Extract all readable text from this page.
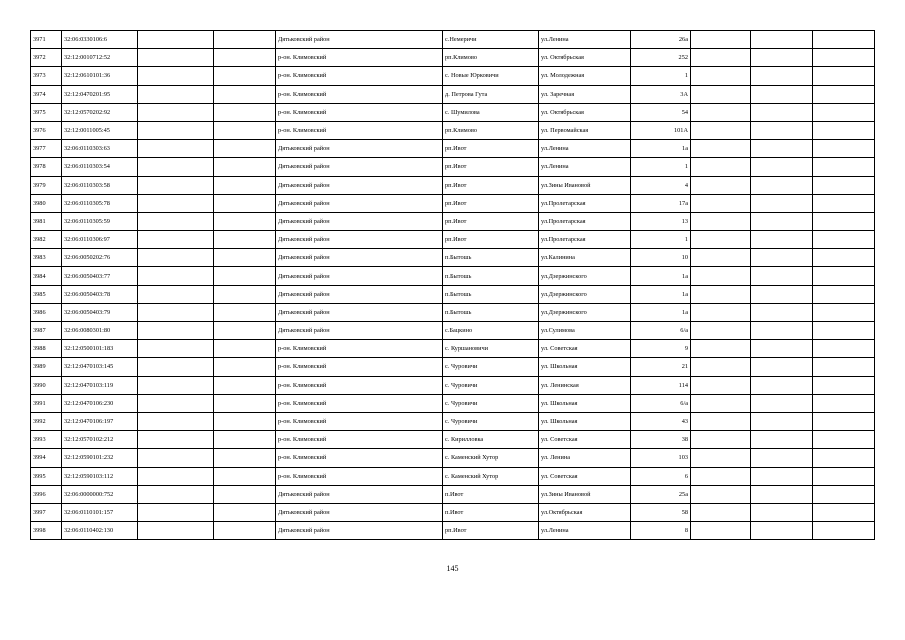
3971	32:06:0330106:6			Дятьковский район	с.Немеричи	ул.Ленина	26а			
3972	32:12:0010712:52			р-он. Климовский	рп.Климово	ул. Октябрьская	252			
3973	32:12:0610101:36			р-он. Климовский	с. Новые Юрковичи	ул. Молодежная	1			
3974	32:12:0470201:95			р-он. Климовский	д. Петрова Гута	ул. Заречная	3А			
3975	32:12:0570202:92			р-он. Климовский	с. Шумилова	ул. Октябрьская	54			
3976	32:12:0011005:45			р-он. Климовский	рп.Климово	ул. Первомайская	101А			
3977	32:06:0110303:63			Дятьковский район	рп.Ивот	ул.Ленина	1а			
3978	32:06:0110303:54			Дятьковский район	рп.Ивот	ул.Ленина	1			
3979	32:06:0110303:58			Дятьковский район	рп.Ивот	ул.Зины Ивановой	4			
3980	32:06:0110305:78			Дятьковский район	рп.Ивот	ул.Пролетарская	17а			
3981	32:06:0110305:59			Дятьковский район	рп.Ивот	ул.Пролетарская	13			
3982	32:06:0110306:97			Дятьковский район	рп.Ивот	ул.Пролетарская	1			
3983	32:06:0050202:76			Дятьковский район	п.Бытошь	ул.Калинина	10			
3984	32:06:0050403:77			Дятьковский район	п.Бытошь	ул.Дзержинского	1а			
3985	32:06:0050403:78			Дятьковский район	п.Бытошь	ул.Дзержинского	1а			
3986	32:06:0050403:79			Дятьковский район	п.Бытошь	ул.Дзержинского	1а			
3987	32:06:0080301:80			Дятьковский район	с.Бацкино	ул.Сулимова	6/а			
3988	32:12:0500101:183			р-он. Климовский	с. Куршановичи	ул. Советская	9			
3989	32:12:0470103:145			р-он. Климовский	с. Чуровичи	ул. Школьная	21			
3990	32:12:0470103:119			р-он. Климовский	с. Чуровичи	ул. Ленинская	114			
3991	32:12:0470106:230			р-он. Климовский	с. Чуровичи	ул. Школьная	6/а			
3992	32:12:0470106:197			р-он. Климовский	с. Чуровичи	ул. Школьная	43			
3993	32:12:0570102:212			р-он. Климовский	с. Кирилловка	ул. Советская	38			
3994	32:12:0590101:232			р-он. Климовский	с. Каменский Хутор	ул. Ленина	103			
3995	32:12:0590103:112			р-он. Климовский	с. Каменский Хутор	ул. Советская	6			
3996	32:06:0000000:752			Дятьковский район	п.Ивот	ул.Зины Ивановой	25а			
3997	32:06:0110101:157			Дятьковский район	п.Ивот	ул.Октябрьская	58			
3998	32:06:0110402:130			Дятьковский район	рп.Ивот	ул.Ленина	8			
145
